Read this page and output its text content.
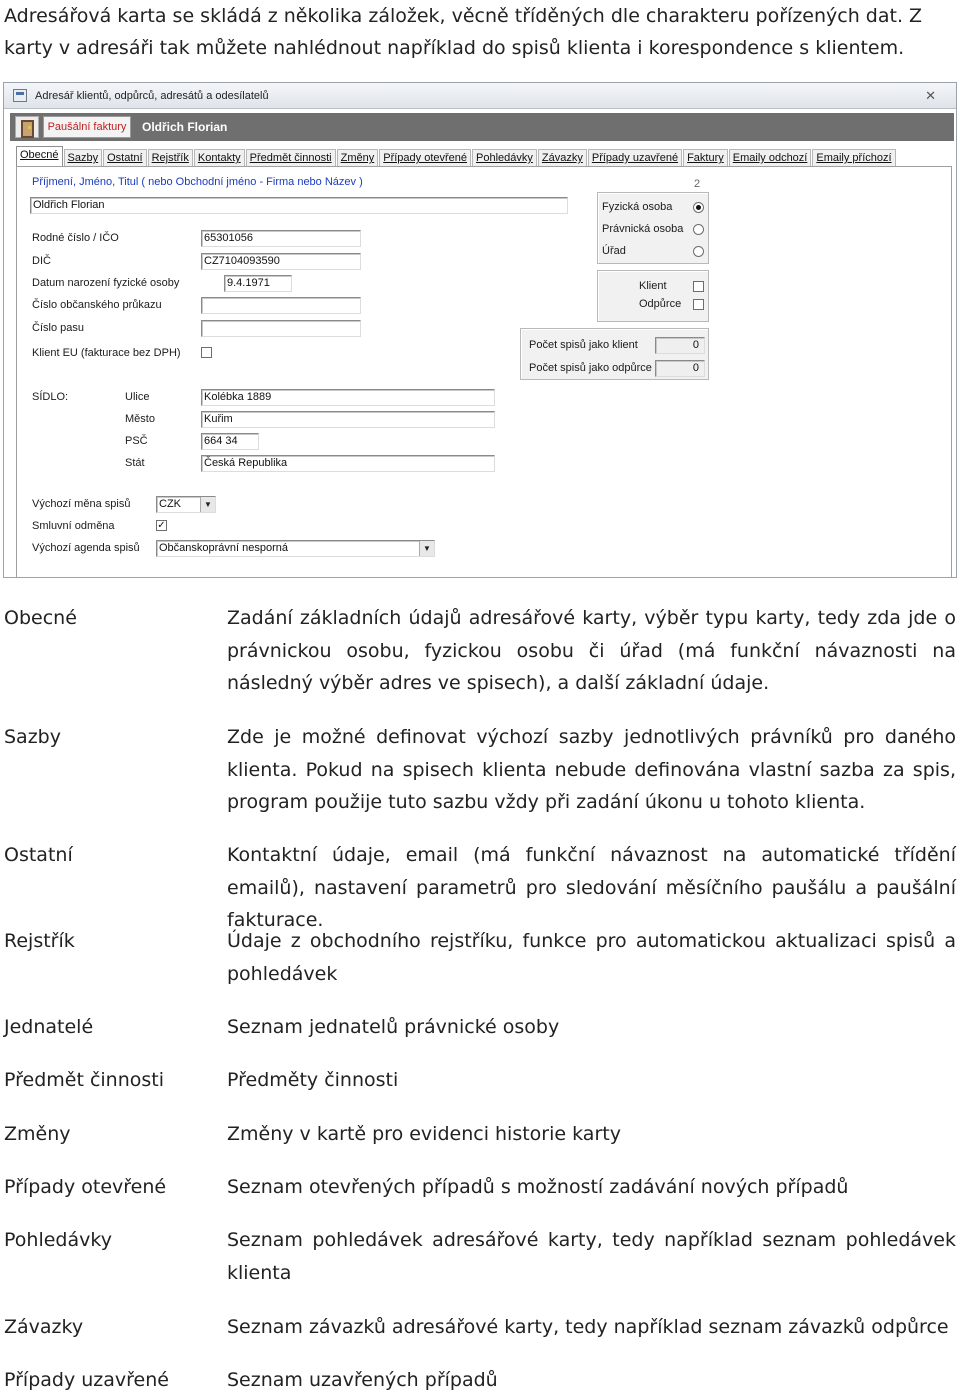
Adresářová karta se skládá z několika záložek, věcně tříděných dle charakteru pořízených dat. Z karty v adresáři tak můžete nahlédnout například do spisů klienta i korespondence s klientem.
Adresář klientů, odpůrců, adresátů a odesílatelů	✕
Paušální faktury	Oldřich Florian
Obecné Sazby Ostatní Rejstřík Kontakty Předmět činnosti Změny Případy otevřené Pohledávky Závazky Případy uzavřené Faktury Emaily odchozí Emaily příchozí
Příjmení, Jméno, Titul ( nebo Obchodní jméno - Firma nebo Název )	2
Oldřich Florian
Rodné číslo / IČO	65301056
DIČ	CZ7104093590
Datum narození fyzické osoby	9.4.1971
Číslo občanského průkazu
Číslo pasu
Klient EU (fakturace bez DPH)
SÍDLO:	Ulice	Kolébka 1889
Město	Kuřim
PSČ	664 34
Stát	Česká Republika
Výchozí měna spisů	CZK	▼
Smluvní odměna	✓
Výchozí agenda spisů Občanskoprávní nesporná	▼
Fyzická osoba
Právnická osoba
Úřad
Klient
Odpůrce
Počet spisů jako klient	0
Počet spisů jako odpůrce	0
Obecné	Zadání základních údajů adresářové karty, výběr typu karty, tedy zda jde o právnickou osobu, fyzickou osobu či úřad (má funkční návaznosti na následný výběr adres ve spisech), a další základní údaje.
Sazby	Zde je možné definovat výchozí sazby jednotlivých právníků pro daného klienta. Pokud na spisech klienta nebude definována vlastní sazba za spis, program použije tuto sazbu vždy při zadání úkonu u tohoto klienta.
Ostatní	Kontaktní údaje, email (má funkční návaznost na automatické třídění emailů), nastavení parametrů pro sledování měsíčního paušálu a paušální fakturace.
Rejstřík	Údaje z obchodního rejstříku, funkce pro automatickou aktualizaci spisů a pohledávek
Jednatelé	Seznam jednatelů právnické osoby
Předmět činnosti	Předměty činnosti
Změny	Změny v kartě pro evidenci historie karty
Případy otevřené	Seznam otevřených případů s možností zadávání nových případů
Pohledávky	Seznam pohledávek adresářové karty, tedy například seznam pohledávek klienta
Závazky	Seznam závazků adresářové karty, tedy například seznam závazků odpůrce
Případy uzavřené	Seznam uzavřených případů
